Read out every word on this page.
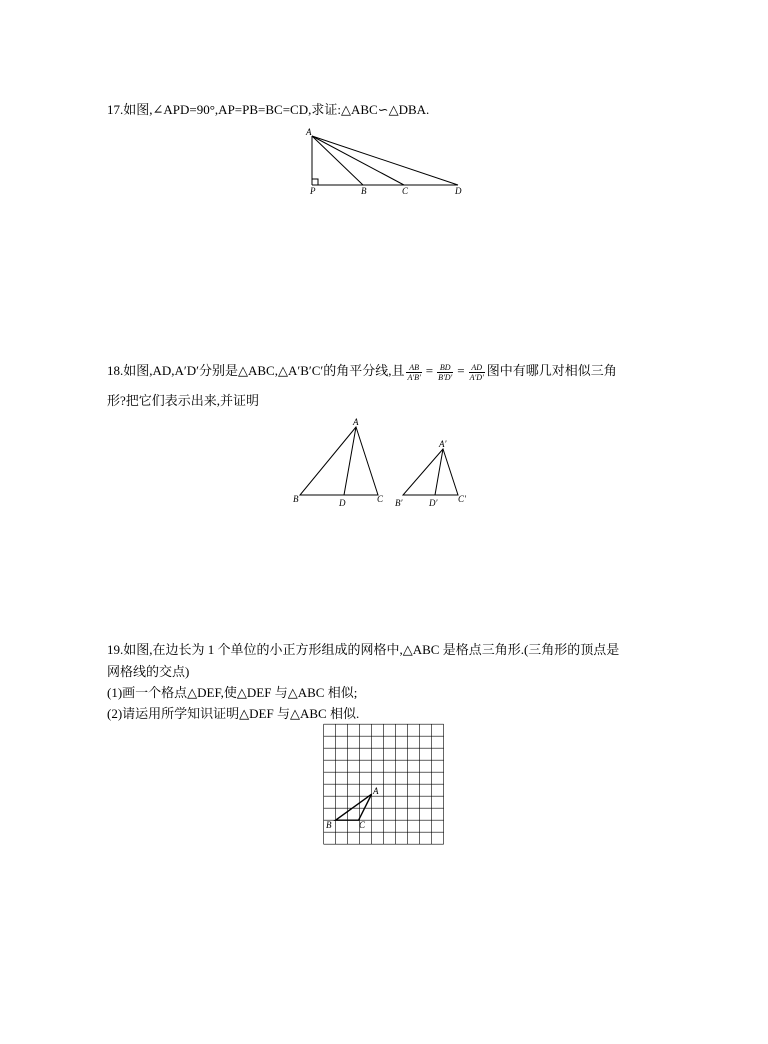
17.如图,∠APD=90°,AP=PB=BC=CD,求证:△ABC∽△DBA.
A
P	B	C	D
18.如图,AD,A′D′分别是△ABC,△A′B′C′的角平分线,且 $\frac{AB}{A'B'} = \frac{BD}{B'D'} = \frac{AD}{A'D'}$ 图中有哪几对相似三角
形?把它们表示出来,并证明
A
B	D	C
A′
B′	D′ C′
19.如图,在边长为 1 个单位的小正方形组成的网格中,△ABC 是格点三角形.(三角形的顶点是
网格线的交点)
(1)画一个格点△DEF,使△DEF 与△ABC 相似;
(2)请运用所学知识证明△DEF 与△ABC 相似.
A
B	C
